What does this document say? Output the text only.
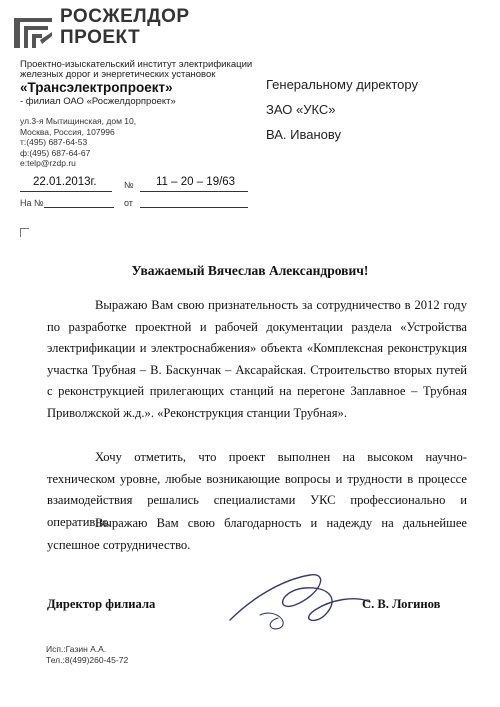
РОСЖЕЛДОР
ПРОЕКТ
Проектно-изыскательский институт электрификации железных дорог и энергетических установок
«Трансэлектропроект»
- филиал ОАО «Росжелдорпроект»
ул.3-я Мытищинская, дом 10,
Москва, Россия, 107996
т:(495) 687-64-53
ф:(495) 687-64-67
e:telp@rzdp.ru
Генеральному директору
ЗАО «УКС»
ВА. Иванову
22.01.2013г.	№ 11 – 20 – 19/63
На №	от
Уважаемый Вячеслав Александрович!
Выражаю Вам свою признательность за сотрудничество в 2012 году по разработке проектной и рабочей документации раздела «Устройства электрификации и электроснабжения» объекта «Комплексная реконструкция участка Трубная – В. Баскунчак – Аксарайская. Строительство вторых путей с реконструкцией прилегающих станций на перегоне Заплавное – Трубная Приволжской ж.д.». «Реконструкция станции Трубная».
Хочу отметить, что проект выполнен на высоком научно-техническом уровне, любые возникающие вопросы и трудности в процессе взаимодействия решались специалистами УКС профессионально и оперативно.
Выражаю Вам свою благодарность и надежду на дальнейшее успешное сотрудничество.
Директор филиала	С. В. Логинов
Исп.:Газин А.А.
Тел.:8(499)260-45-72
